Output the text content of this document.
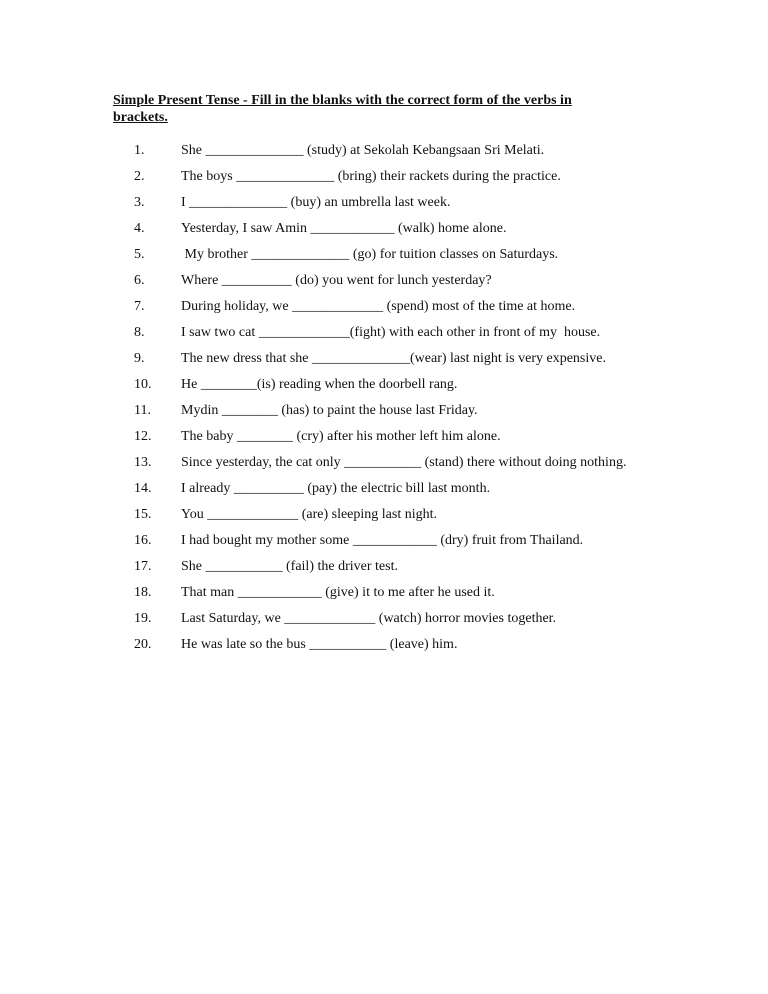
Simple Present Tense - Fill in the blanks with the correct form of the verbs in brackets.
1.	She ______________ (study) at Sekolah Kebangsaan Sri Melati.
2.	The boys ______________ (bring) their rackets during the practice.
3.	I ______________ (buy) an umbrella last week.
4.	Yesterday, I saw Amin ____________ (walk) home alone.
5.	My brother ______________ (go) for tuition classes on Saturdays.
6.	Where __________ (do) you went for lunch yesterday?
7.	During holiday, we _____________ (spend) most of the time at home.
8.	I saw two cat _____________(fight) with each other in front of my  house.
9.	The new dress that she ______________(wear) last night is very expensive.
10. He ________(is) reading when the doorbell rang.
11. Mydin ________ (has) to paint the house last Friday.
12. The baby ________ (cry) after his mother left him alone.
13. Since yesterday, the cat only ___________ (stand) there without doing nothing.
14. I already __________ (pay) the electric bill last month.
15. You _____________ (are) sleeping last night.
16. I had bought my mother some ____________ (dry) fruit from Thailand.
17. She ___________ (fail) the driver test.
18. That man ____________ (give) it to me after he used it.
19. Last Saturday, we _____________ (watch) horror movies together.
20. He was late so the bus ___________ (leave) him.
